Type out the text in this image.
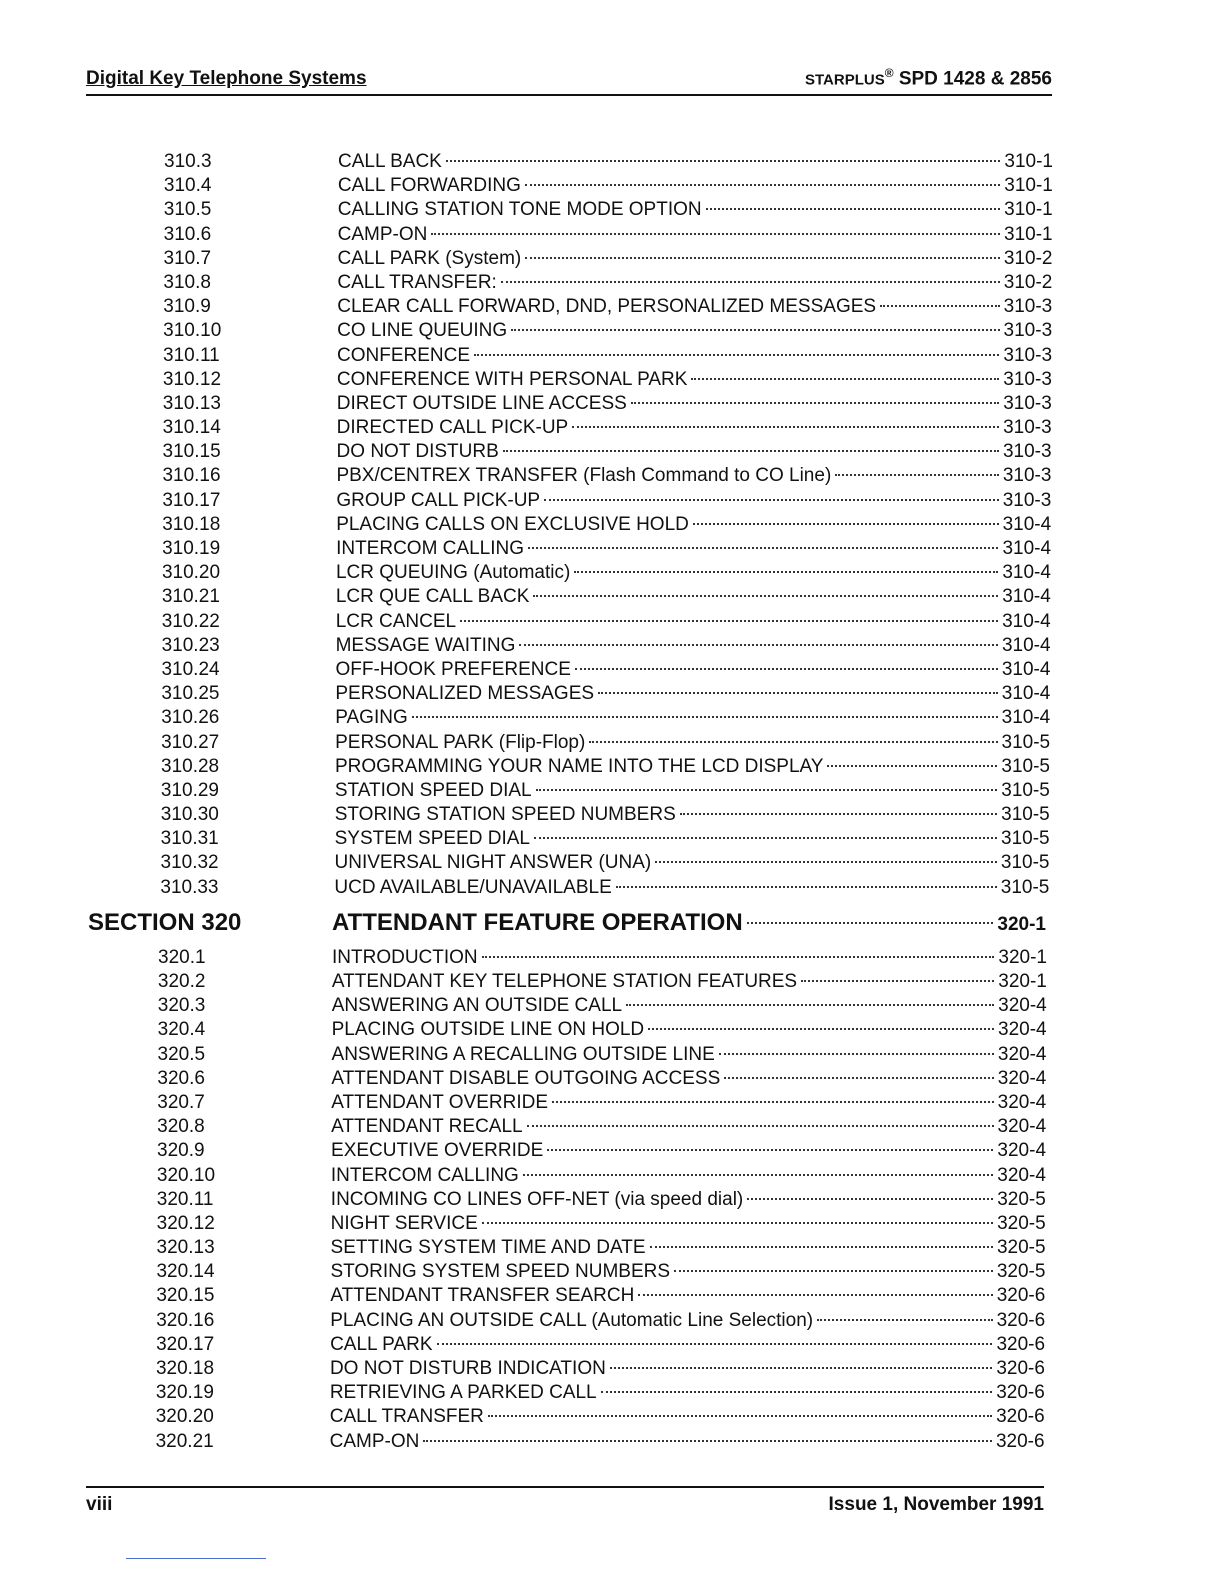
Digital Key Telephone Systems	STARPLUS® SPD 1428 & 2856
310.3	CALL BACK	310-1
310.4	CALL FORWARDING	310-1
310.5	CALLING STATION TONE MODE OPTION	310-1
310.6	CAMP-ON	310-1
310.7	CALL PARK (System)	310-2
310.8	CALL TRANSFER:	310-2
310.9	CLEAR CALL FORWARD, DND, PERSONALIZED MESSAGES	310-3
310.10	CO LINE QUEUING	310-3
310.11	CONFERENCE	310-3
310.12	CONFERENCE WITH PERSONAL PARK	310-3
310.13	DIRECT OUTSIDE LINE ACCESS	310-3
310.14	DIRECTED CALL PICK-UP	310-3
310.15	DO NOT DISTURB	310-3
310.16	PBX/CENTREX TRANSFER (Flash Command to CO Line)	310-3
310.17	GROUP CALL PICK-UP	310-3
310.18	PLACING CALLS ON EXCLUSIVE HOLD	310-4
310.19	INTERCOM CALLING	310-4
310.20	LCR QUEUING (Automatic)	310-4
310.21	LCR QUE CALL BACK	310-4
310.22	LCR CANCEL	310-4
310.23	MESSAGE WAITING	310-4
310.24	OFF-HOOK PREFERENCE	310-4
310.25	PERSONALIZED MESSAGES	310-4
310.26	PAGING	310-4
310.27	PERSONAL PARK (Flip-Flop)	310-5
310.28	PROGRAMMING YOUR NAME INTO THE LCD DISPLAY	310-5
310.29	STATION SPEED DIAL	310-5
310.30	STORING STATION SPEED NUMBERS	310-5
310.31	SYSTEM SPEED DIAL	310-5
310.32	UNIVERSAL NIGHT ANSWER (UNA)	310-5
310.33	UCD AVAILABLE/UNAVAILABLE	310-5
SECTION 320	ATTENDANT FEATURE OPERATION	320-1
320.1	INTRODUCTION	320-1
320.2	ATTENDANT KEY TELEPHONE STATION FEATURES	320-1
320.3	ANSWERING AN OUTSIDE CALL	320-4
320.4	PLACING OUTSIDE LINE ON HOLD	320-4
320.5	ANSWERING A RECALLING OUTSIDE LINE	320-4
320.6	ATTENDANT DISABLE OUTGOING ACCESS	320-4
320.7	ATTENDANT OVERRIDE	320-4
320.8	ATTENDANT RECALL	320-4
320.9	EXECUTIVE OVERRIDE	320-4
320.10	INTERCOM CALLING	320-4
320.11	INCOMING CO LINES OFF-NET (via speed dial)	320-5
320.12	NIGHT SERVICE	320-5
320.13	SETTING SYSTEM TIME AND DATE	320-5
320.14	STORING SYSTEM SPEED NUMBERS	320-5
320.15	ATTENDANT TRANSFER SEARCH	320-6
320.16	PLACING AN OUTSIDE CALL (Automatic Line Selection)	320-6
320.17	CALL PARK	320-6
320.18	DO NOT DISTURB INDICATION	320-6
320.19	RETRIEVING A PARKED CALL	320-6
320.20	CALL TRANSFER	320-6
320.21	CAMP-ON	320-6
viii	Issue 1, November 1991
